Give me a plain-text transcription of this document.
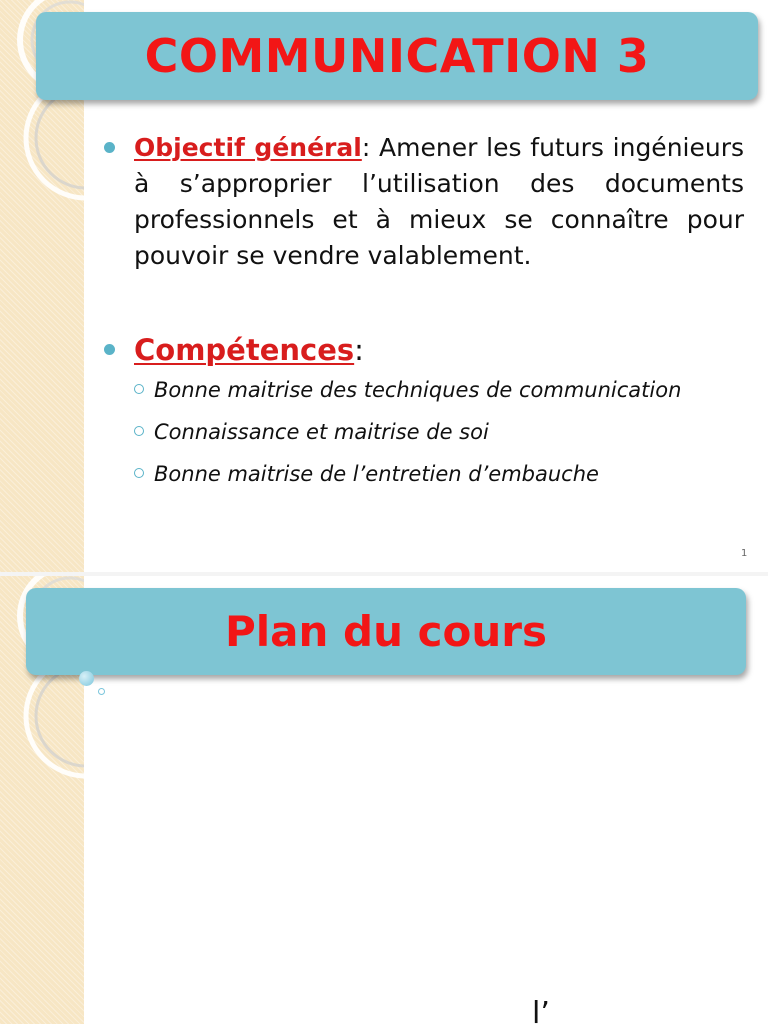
COMMUNICATION 3

Objectif général: Amener les futurs ingénieurs à s’approprier l’utilisation des documents professionnels et à mieux se connaître pour pouvoir se vendre valablement.

Compétences:
Bonne maitrise des techniques de communication
Connaissance et maitrise de soi
Bonne maitrise de l’entretien d’embauche
1
Plan du cours
l’
